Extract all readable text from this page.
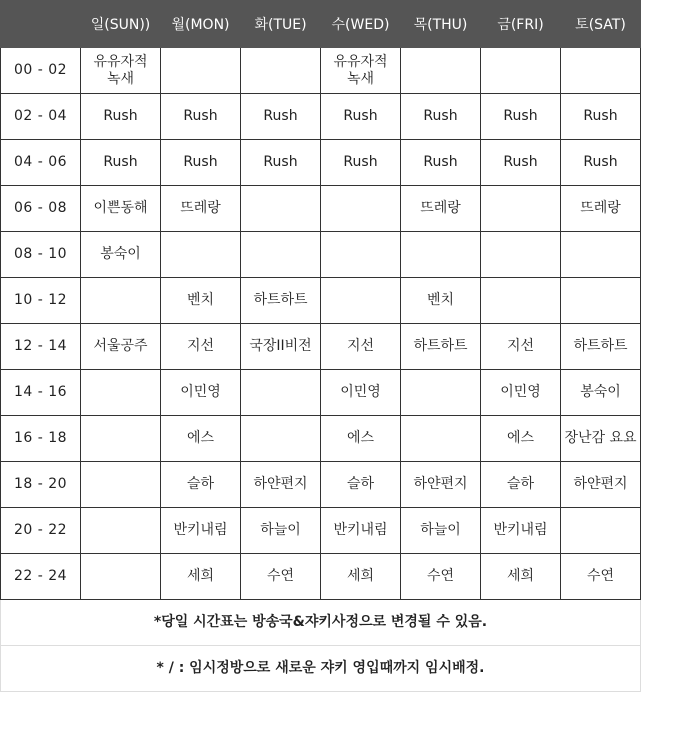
	일(SUN))	월(MON)	화(TUE)	수(WED)	목(THU)	금(FRI)	토(SAT)
00 - 02	유유자적 녹새			유유자적 녹새			
02 - 04	Rush	Rush	Rush	Rush	Rush	Rush	Rush
04 - 06	Rush	Rush	Rush	Rush	Rush	Rush	Rush
06 - 08	이쁜동해	뜨레랑			뜨레랑		뜨레랑
08 - 10	봉숙이						
10 - 12		벤치	하트하트		벤치		
12 - 14	서울공주	지선	국장II비전	지선	하트하트	지선	하트하트
14 - 16		이민영		이민영		이민영	봉숙이
16 - 18		에스		에스		에스	장난감 요요
18 - 20		슬하	하얀편지	슬하	하얀편지	슬하	하얀편지
20 - 22		반키내림	하늘이	반키내림	하늘이	반키내림	
22 - 24		세희	수연	세희	수연	세희	수연
*당일 시간표는 방송국&쟈키사정으로 변경될 수 있음.							
* / : 임시정방으로 새로운 쟈키 영입때까지 임시배정.							
